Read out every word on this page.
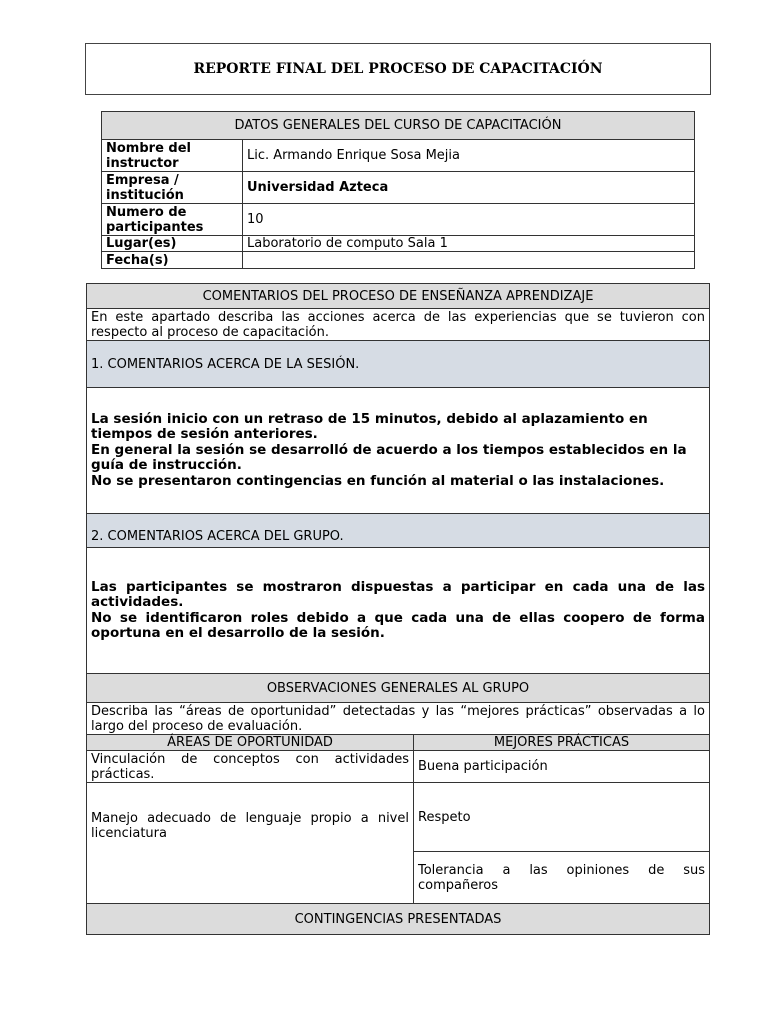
REPORTE FINAL DEL PROCESO DE CAPACITACIÓN
DATOS GENERALES DEL CURSO DE CAPACITACIÓN	
Nombre del instructor	Lic. Armando Enrique Sosa Mejia
Empresa / institución	Universidad Azteca
Numero de participantes	10
Lugar(es)	Laboratorio de computo Sala 1
Fecha(s)	
COMENTARIOS DEL PROCESO DE ENSEÑANZA APRENDIZAJE	
En este apartado describa las acciones acerca de las experiencias que se tuvieron con respecto al proceso de capacitación.	
1. COMENTARIOS ACERCA DE LA SESIÓN.	

La sesión inicio con un retraso de 15 minutos, debido al aplazamiento en tiempos de sesión anteriores.

En general la sesión se desarrolló de acuerdo a los tiempos establecidos en la guía de instrucción.

No se presentaron contingencias en función al material o las instalaciones.	

2. COMENTARIOS ACERCA DEL GRUPO.	

Las participantes se mostraron dispuestas a participar en cada una de las actividades.

No se identificaron roles debido a que cada una de ellas coopero de forma oportuna en el desarrollo de la sesión.	

OBSERVACIONES GENERALES AL GRUPO	
Describa las “áreas de oportunidad” detectadas y las “mejores prácticas” observadas a lo largo del proceso de evaluación.	
ÁREAS DE OPORTUNIDAD	MEJORES PRÁCTICAS
Vinculación de conceptos con actividades prácticas.	Buena participación
Manejo adecuado de lenguaje propio a nivel licenciatura	Respeto
	Tolerancia a las opiniones de sus compañeros
CONTINGENCIAS PRESENTADAS	
